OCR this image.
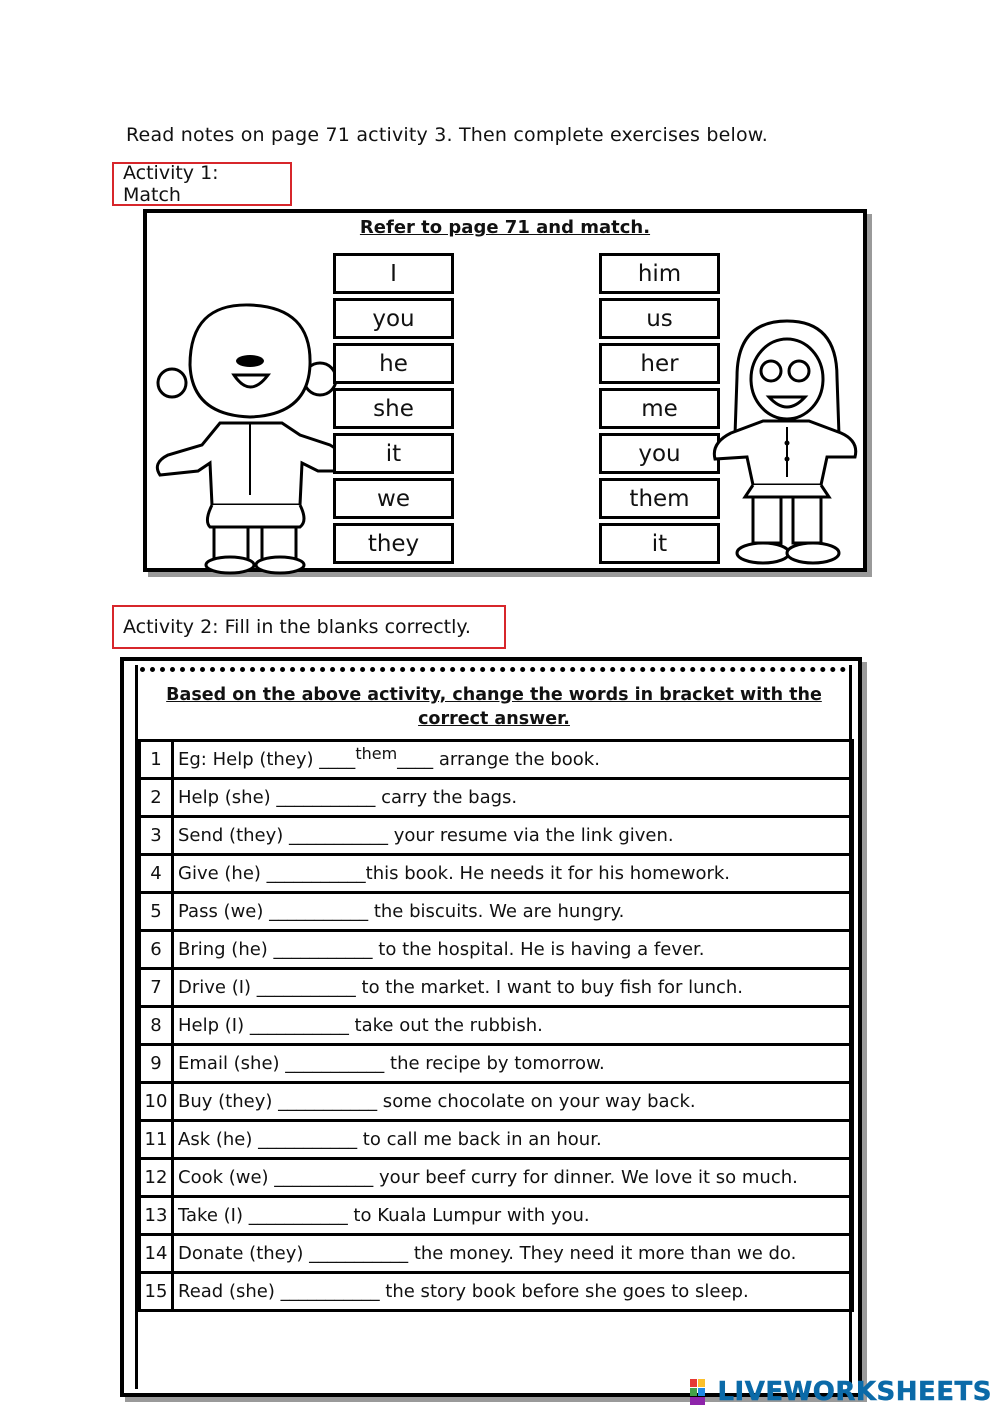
Read notes on page 71 activity 3. Then complete exercises below.
Activity 1: Match
Refer to page 71 and match.
I
you
he
she
it
we
they
him
us
her
me
you
them
it
Activity 2: Fill in the blanks correctly.
Based on the above activity, change the words in bracket with the correct answer.
1	Eg: Help (they) ____them____ arrange the book.
2	Help (she) ___________ carry the bags.
3	Send (they) ___________ your resume via the link given.
4	Give (he) ___________this book. He needs it for his homework.
5	Pass (we) ___________ the biscuits. We are hungry.
6	Bring (he) ___________ to the hospital. He is having a fever.
7	Drive (I) ___________ to the market. I want to buy fish for lunch.
8	Help (I) ___________ take out the rubbish.
9	Email (she) ___________ the recipe by tomorrow.
10	Buy (they) ___________ some chocolate on your way back.
11	Ask (he) ___________ to call me back in an hour.
12	Cook (we) ___________ your beef curry for dinner. We love it so much.
13	Take (I) ___________ to Kuala Lumpur with you.
14	Donate (they) ___________ the money. They need it more than we do.
15	Read (she) ___________ the story book before she goes to sleep.
LIVEWORKSHEETS
